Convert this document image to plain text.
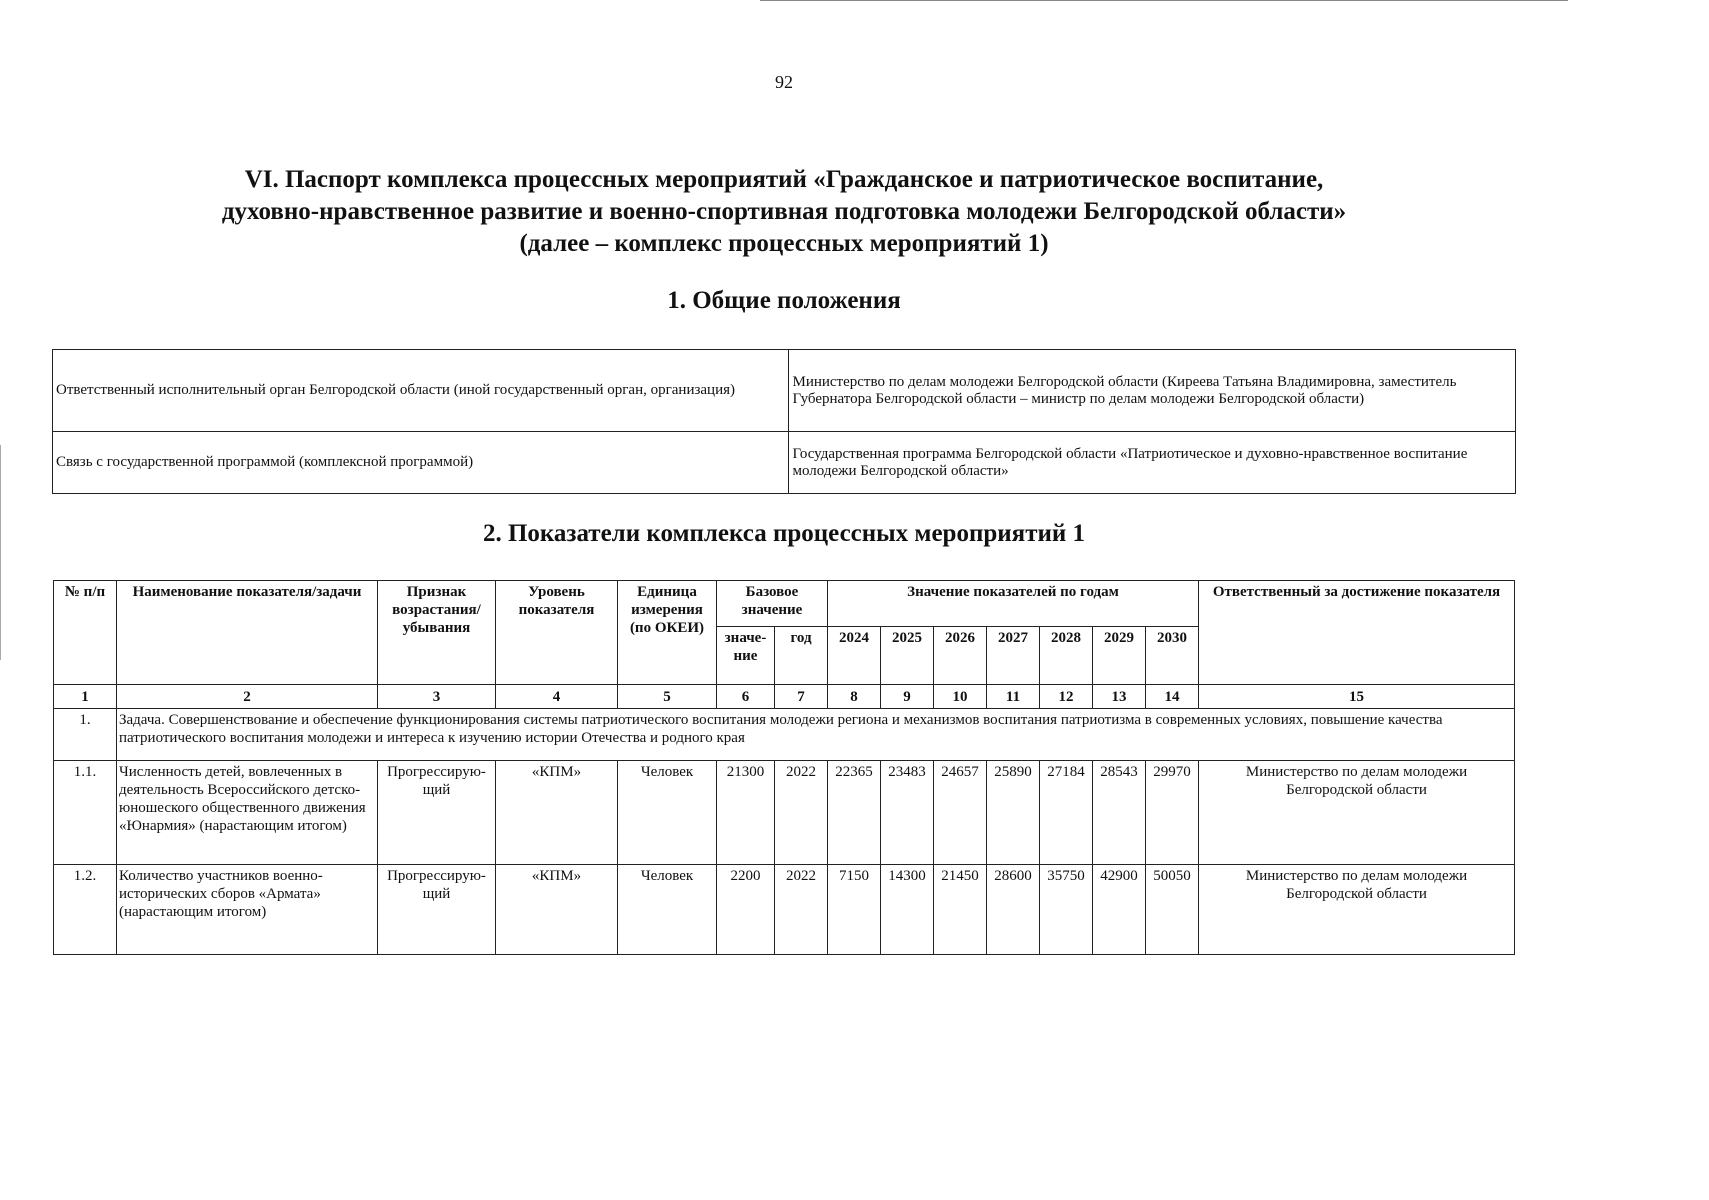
92
VI. Паспорт комплекса процессных мероприятий «Гражданское и патриотическое воспитание,
духовно-нравственное развитие и военно-спортивная подготовка молодежи Белгородской области»
(далее – комплекс процессных мероприятий 1)
1. Общие положения
Ответственный исполнительный орган Белгородской области (иной государственный орган, организация)	Министерство по делам молодежи Белгородской области (Киреева Татьяна Владимировна, заместитель Губернатора Белгородской области – министр по делам молодежи Белгородской области)
Связь с государственной программой (комплексной программой)	Государственная программа Белгородской области «Патриотическое и духовно-нравственное воспитание молодежи Белгородской области»
2. Показатели комплекса процессных мероприятий 1
№ п/п	Наименование показателя/задачи	Признак возрастания/ убывания	Уровень показателя	Единица измерения (по ОКЕИ)	Базовое значение		Значение показателей по годам							Ответственный за достижение показателя
					значе-ние	год	2024	2025	2026	2027	2028	2029	2030	
1	2	3	4	5	6	7	8	9	10	11	12	13	14	15
1.	Задача. Совершенствование и обеспечение функционирования системы патриотического воспитания молодежи региона и механизмов воспитания патриотизма в современных условиях, повышение качества патриотического воспитания молодежи и интереса к изучению истории Отечества и родного края													
1.1.	Численность детей, вовлеченных в деятельность Всероссийского детско-юношеского общественного движения «Юнармия» (нарастающим итогом)	Прогрессирую-щий	«КПМ»	Человек	21300	2022	22365	23483	24657	25890	27184	28543	29970	Министерство по делам молодежи Белгородской области
1.2.	Количество участников военно-исторических сборов «Армата» (нарастающим итогом)	Прогрессирую-щий	«КПМ»	Человек	2200	2022	7150	14300	21450	28600	35750	42900	50050	Министерство по делам молодежи Белгородской области
